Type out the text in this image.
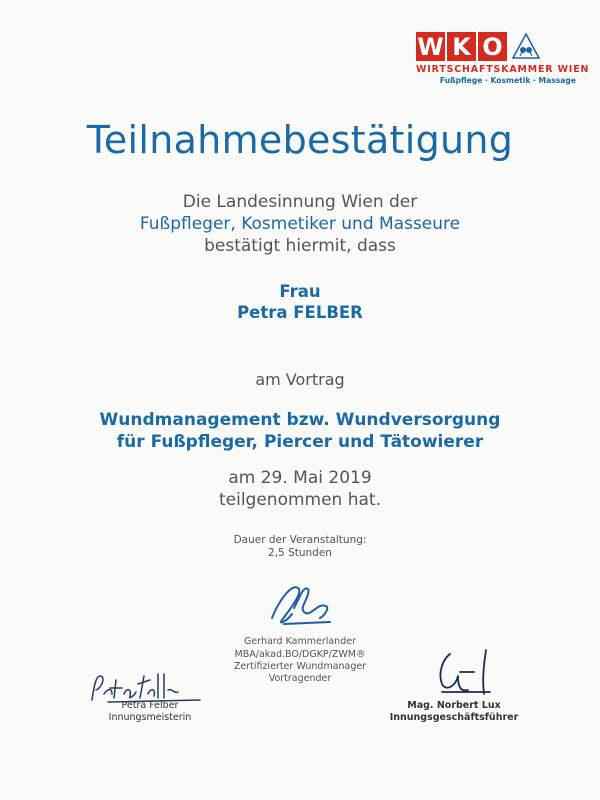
W K O
WIRTSCHAFTSKAMMER WIEN
Fußpflege · Kosmetik · Massage
Teilnahmebestätigung
Die Landesinnung Wien der
Fußpfleger, Kosmetiker und Masseure
bestätigt hiermit, dass
Frau
Petra FELBER
am Vortrag
Wundmanagement bzw. Wundversorgung
für Fußpfleger, Piercer und Tätowierer
am 29. Mai 2019
teilgenommen hat.
Dauer der Veranstaltung:
2,5 Stunden
Gerhard Kammerlander
MBA/akad.BO/DGKP/ZWM®
Zertifizierter Wundmanager
Vortragender
Petra Felber
Innungsmeisterin
Mag. Norbert Lux
Innungsgeschäftsführer
